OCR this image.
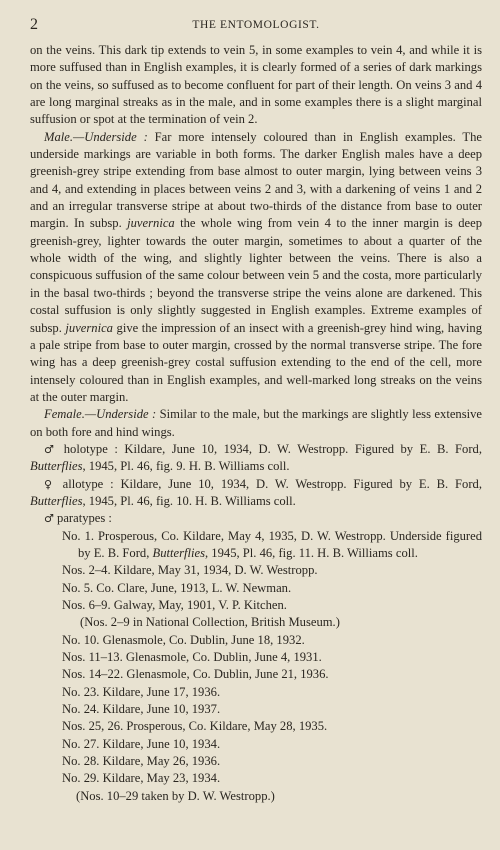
2	THE ENTOMOLOGIST.

on the veins. This dark tip extends to vein 5, in some examples to vein 4, and while it is more suffused than in English examples, it is clearly formed of a series of dark markings on the veins, so suffused as to become confluent for part of their length. On veins 3 and 4 are long marginal streaks as in the male, and in some examples there is a slight marginal suffusion or spot at the termination of vein 2.

Male.—Underside : Far more intensely coloured than in English examples. The underside markings are variable in both forms. The darker English males have a deep greenish-grey stripe extending from base almost to outer margin, lying between veins 3 and 4, and extending in places between veins 2 and 3, with a darkening of veins 1 and 2 and an irregular transverse stripe at about two-thirds of the distance from base to outer margin. In subsp. juvernica the whole wing from vein 4 to the inner margin is deep greenish-grey, lighter towards the outer margin, sometimes to about a quarter of the whole width of the wing, and slightly lighter between the veins. There is also a conspicuous suffusion of the same colour between vein 5 and the costa, more particularly in the basal two-thirds ; beyond the transverse stripe the veins alone are darkened. This costal suffusion is only slightly suggested in English examples. Extreme examples of subsp. juvernica give the impression of an insect with a greenish-grey hind wing, having a pale stripe from base to outer margin, crossed by the normal transverse stripe. The fore wing has a deep greenish-grey costal suffusion extending to the end of the cell, more intensely coloured than in English examples, and well-marked long streaks on the veins at the outer margin.

Female.—Underside : Similar to the male, but the markings are slightly less extensive on both fore and hind wings.

♂ holotype : Kildare, June 10, 1934, D. W. Westropp. Figured by E. B. Ford, Butterflies, 1945, Pl. 46, fig. 9. H. B. Williams coll.

♀ allotype : Kildare, June 10, 1934, D. W. Westropp. Figured by E. B. Ford, Butterflies, 1945, Pl. 46, fig. 10. H. B. Williams coll.

♂ paratypes :

No. 1. Prosperous, Co. Kildare, May 4, 1935, D. W. Westropp. Underside figured by E. B. Ford, Butterflies, 1945, Pl. 46, fig. 11. H. B. Williams coll.

Nos. 2–4. Kildare, May 31, 1934, D. W. Westropp.

No. 5. Co. Clare, June, 1913, L. W. Newman.

Nos. 6–9. Galway, May, 1901, V. P. Kitchen.

(Nos. 2–9 in National Collection, British Museum.)

No. 10. Glenasmole, Co. Dublin, June 18, 1932.

Nos. 11–13. Glenasmole, Co. Dublin, June 4, 1931.

Nos. 14–22. Glenasmole, Co. Dublin, June 21, 1936.

No. 23. Kildare, June 17, 1936.

No. 24. Kildare, June 10, 1937.

Nos. 25, 26. Prosperous, Co. Kildare, May 28, 1935.

No. 27. Kildare, June 10, 1934.

No. 28. Kildare, May 26, 1936.

No. 29. Kildare, May 23, 1934.

(Nos. 10–29 taken by D. W. Westropp.)
